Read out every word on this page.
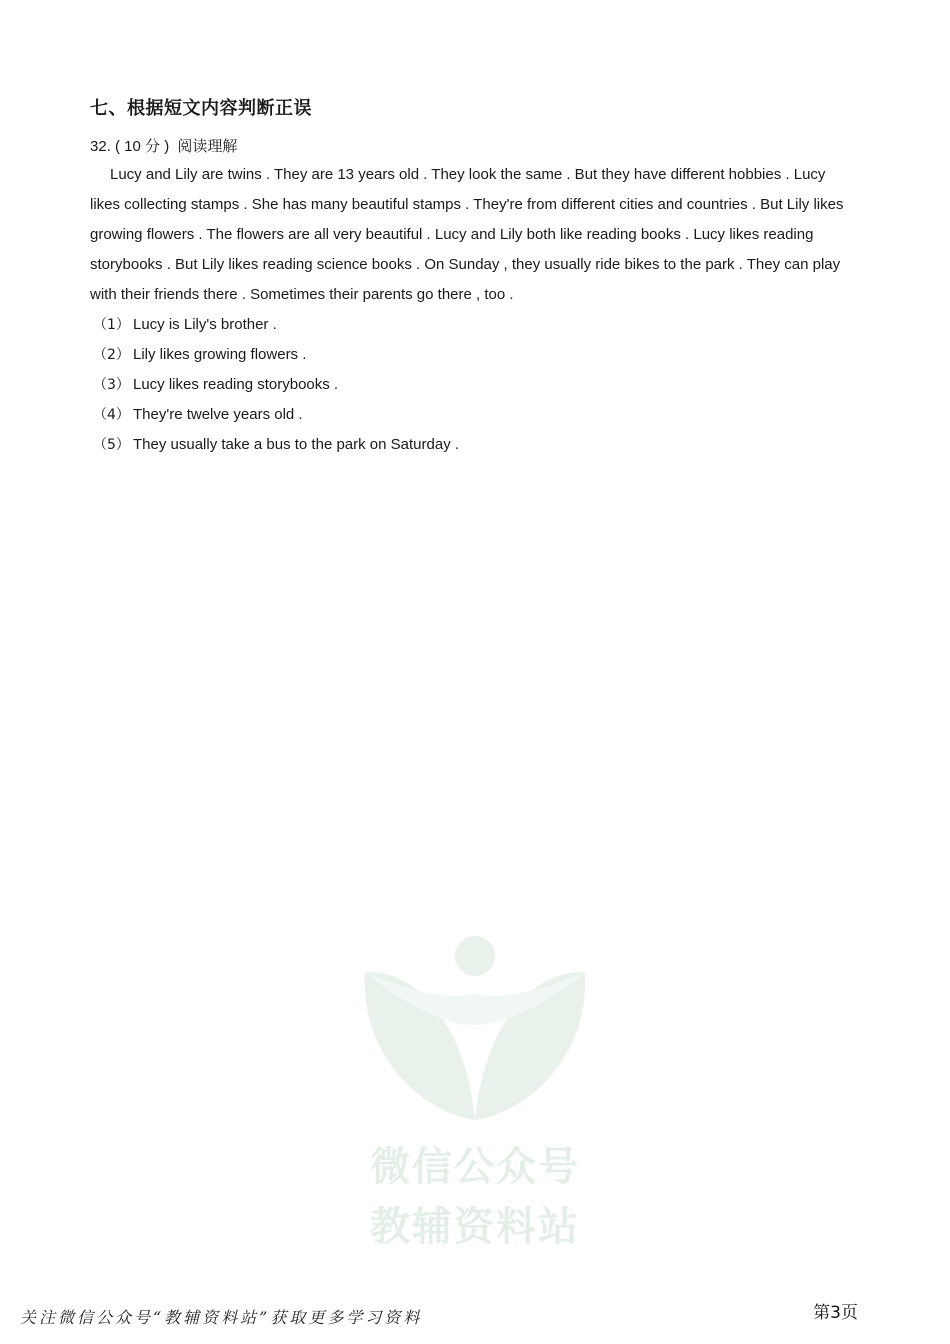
七、根据短文内容判断正误
32. ( 10 分 ) 阅读理解
Lucy and Lily are twins . They are 13 years old . They look the same . But they have different hobbies . Lucy likes collecting stamps . She has many beautiful stamps . They're from different cities and countries . But Lily likes growing flowers . The flowers are all very beautiful . Lucy and Lily both like reading books . Lucy likes reading storybooks . But Lily likes reading science books . On Sunday , they usually ride bikes to the park . They can play with their friends there . Sometimes their parents go there , too .
（1） Lucy is Lily's brother .
（2） Lily likes growing flowers .
（3） Lucy likes reading storybooks .
（4） They're twelve years old .
（5） They usually take a bus to the park on Saturday .
微信公众号
教辅资料站
关注微信公众号“教辅资料站”获取更多学习资料	第3页
